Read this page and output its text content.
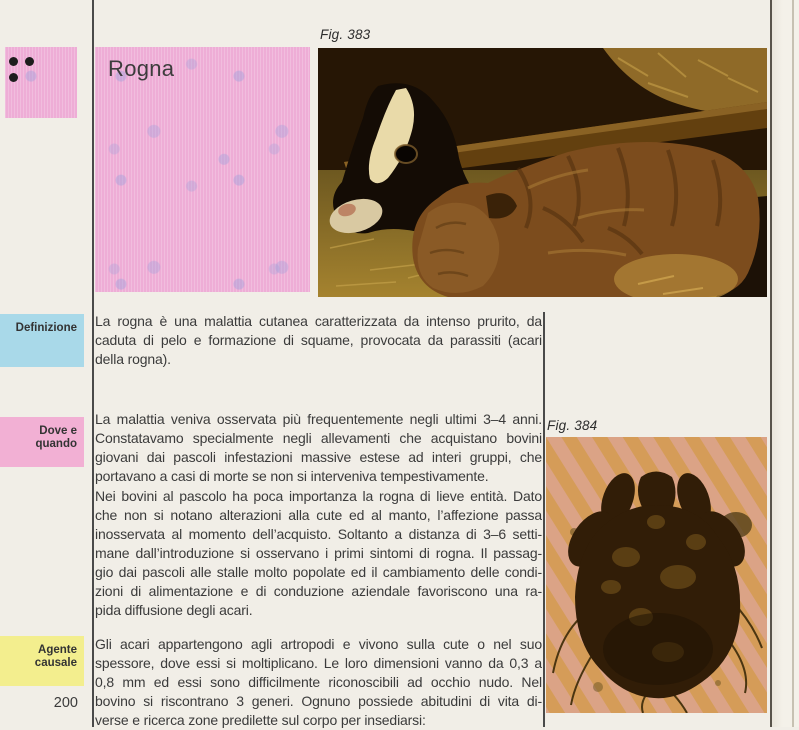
Rogna
Fig. 383
Definizione	La rogna è una malattia cutanea caratterizzata da intenso prurito, da
caduta di pelo e formazione di squame, provocata da parassiti (acari
della rogna).
Dove e
quando
La malattia veniva osservata più frequentemente negli ultimi 3–4 anni.
Constatavamo specialmente negli allevamenti che acquistano bovini
giovani dai pascoli infestazioni massive estese ad interi gruppi, che
portavano a casi di morte se non si interveniva tempestivamente.
Nei bovini al pascolo ha poca importanza la rogna di lieve entità. Dato
che non si notano alterazioni alla cute ed al manto, l’affezione passa
inosservata al momento dell’acquisto. Soltanto a distanza di 3–6 setti-
mane dall’introduzione si osservano i primi sintomi di rogna. Il passag-
gio dai pascoli alle stalle molto popolate ed il cambiamento delle condi-
zioni di alimentazione e di conduzione aziendale favoriscono una ra-
pida diffusione degli acari.
Fig. 384
Agente
causale
Gli acari appartengono agli artropodi e vivono sulla cute o nel suo
spessore, dove essi si moltiplicano. Le loro dimensioni vanno da 0,3 a
0,8 mm ed essi sono difficilmente riconoscibili ad occhio nudo. Nel
bovino si riscontrano 3 generi. Ognuno possiede abitudini di vita di-
verse e ricerca zone predilette sul corpo per insediarsi:
200
